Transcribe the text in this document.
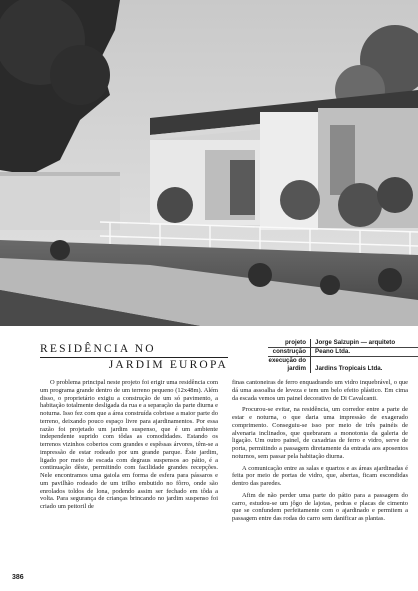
RESIDÊNCIA NO
JARDIM EUROPA
projeto	Jorge Salzupin — arquiteto
construção	Peano Ltda.
execução do jardim	Jardins Tropicais Ltda.

O problema principal neste projeto foi erigir uma residência com um programa grande dentro de um terreno pequeno (12x48m). Além disso, o proprietário exigiu a construção de um só pavimento, a habitação totalmente desligada da rua e a separação da parte diurna e noturna. Isso fez com que a área construída cobrisse a maior parte do terreno, deixando pouco espaço livre para ajardinamentos. Por essa razão foi projetado um jardim suspenso, que é um ambiente independente suprido com tôdas as comodidades. Estando os terrenos vizinhos cobertos com grandes e espêssas árvores, têm-se a impressão de estar rodeado por um grande parque. Êste jardim, ligado por meio de escada com degraus suspensos ao pátio, é a continuação dêste, permitindo com facilidade grandes recepções. Nele encontramos uma gaiola em forma de esfera para pássaros e um pavilhão rodeado de um trilho embutido no fôrro, onde são enrolados toldos de lona, podendo assim ser fechado em tôda a volta. Para segurança de crianças brincando no jardim suspenso foi criado um peitoril de

finas cantoneiras de ferro enquadrando um vidro inquebrável, o que dá uma assoalha de leveza e tem um belo efeito plástico. Em cima da escada vemos um painel decorativo de Di Cavalcanti.

Procurou-se evitar, na residência, um corredor entre a parte de estar e noturna, o que daria uma impressão de exagerado comprimento. Conseguiu-se isso por meio de três painéis de alvenaria inclinados, que quebraram a monotonia da galeria de ligação. Um outro painel, de caxadrias de ferro e vidro, serve de porta, permitindo a passagem diretamente da entrada aos aposentos noturnos, sem passar pela habitação diurna.

A comunicação entre as salas e quartos e as áreas ajardinadas é feita por meio de portas de vidro, que, abertas, ficam escondidas dentro das paredes.

Afim de não perder uma parte do pátio para a passagem do carro, estudou-se um jôgo de lajotas, pedras e placas de cimento que se confundem perfeitamente com o ajardinado e permitem a passagem entre das rodas do carro sem danificar as plantas.

386
